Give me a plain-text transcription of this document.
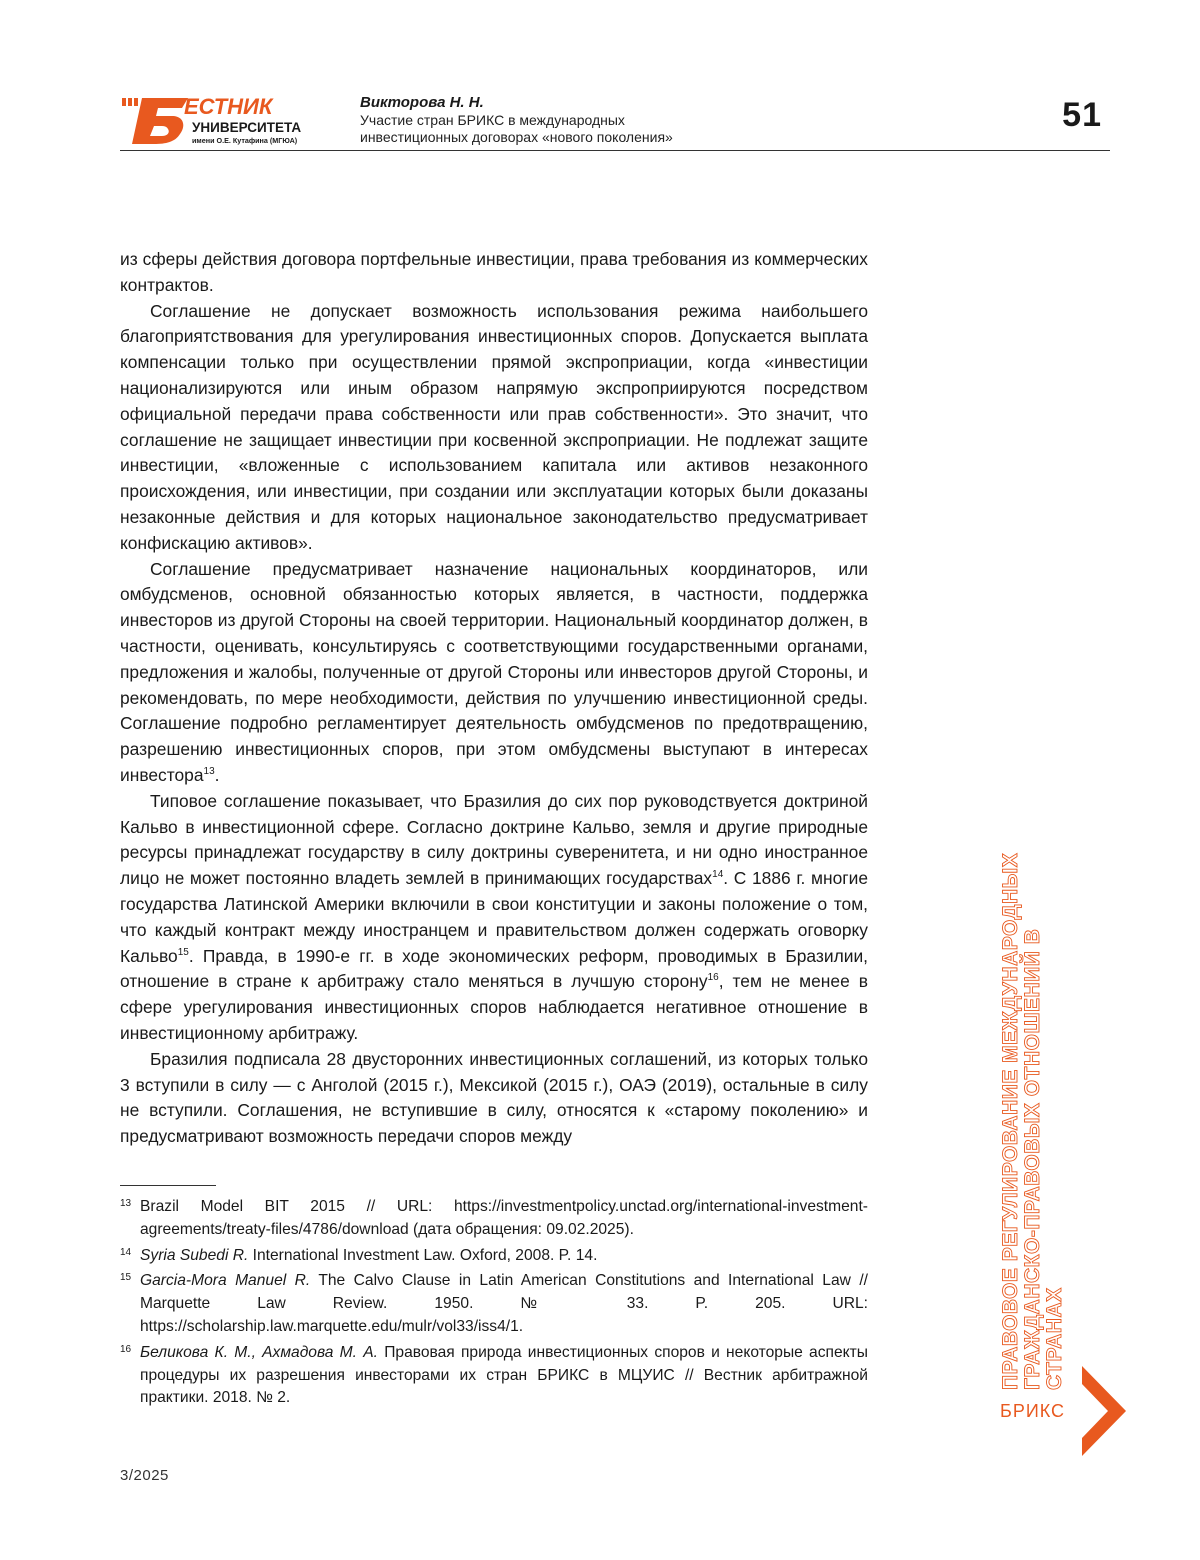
ЕСТНИК
УНИВЕРСИТЕТА
имени О.Е. Кутафина (МГЮА)
Викторова Н. Н.
Участие стран БРИКС в международных
инвестиционных договорах «нового поколения»
51

из сферы действия договора портфельные инвестиции, права требования из коммерческих контрактов.

Соглашение не допускает возможность использования режима наибольшего благоприятствования для урегулирования инвестиционных споров. Допускается выплата компенсации только при осуществлении прямой экспроприации, когда «инвестиции национализируются или иным образом напрямую экспроприируются посредством официальной передачи права собственности или прав собственности». Это значит, что соглашение не защищает инвестиции при косвенной экспроприации. Не подлежат защите инвестиции, «вложенные с использованием капитала или активов незаконного происхождения, или инвестиции, при создании или эксплуатации которых были доказаны незаконные действия и для которых национальное законодательство предусматривает конфискацию активов».

Соглашение предусматривает назначение национальных координаторов, или омбудсменов, основной обязанностью которых является, в частности, поддержка инвесторов из другой Стороны на своей территории. Национальный координатор должен, в частности, оценивать, консультируясь с соответствующими государственными органами, предложения и жалобы, полученные от другой Стороны или инвесторов другой Стороны, и рекомендовать, по мере необходимости, действия по улучшению инвестиционной среды. Соглашение подробно регламентирует деятельность омбудсменов по предотвращению, разрешению инвестиционных споров, при этом омбудсмены выступают в интересах инвестора13.

Типовое соглашение показывает, что Бразилия до сих пор руководствуется доктриной Кальво в инвестиционной сфере. Согласно доктрине Кальво, земля и другие природные ресурсы принадлежат государству в силу доктрины суверенитета, и ни одно иностранное лицо не может постоянно владеть землей в принимающих государствах14. С 1886 г. многие государства Латинской Америки включили в свои конституции и законы положение о том, что каждый контракт между иностранцем и правительством должен содержать оговорку Кальво15. Правда, в 1990-е гг. в ходе экономических реформ, проводимых в Бразилии, отношение в стране к арбитражу стало меняться в лучшую сторону16, тем не менее в сфере урегулирования инвестиционных споров наблюдается негативное отношение в инвестиционному арбитражу.

Бразилия подписала 28 двусторонних инвестиционных соглашений, из которых только 3 вступили в силу — с Анголой (2015 г.), Мексикой (2015 г.), ОАЭ (2019), остальные в силу не вступили. Соглашения, не вступившие в силу, относятся к «старому поколению» и предусматривают возможность передачи споров между

13 Brazil Model BIT 2015 // URL: https://investmentpolicy.unctad.org/international-investment-agreements/treaty-files/4786/download (дата обращения: 09.02.2025).
14 Syria Subedi R. International Investment Law. Oxford, 2008. P. 14.
15 Garcia-Mora Manuel R. The Calvo Clause in Latin American Constitutions and International Law // Marquette Law Review. 1950. № 33. P. 205. URL: https://scholarship.law.marquette.edu/mulr/vol33/iss4/1.
16 Беликова К. М., Ахмадова М. А. Правовая природа инвестиционных споров и некоторые аспекты процедуры их разрешения инвесторами их стран БРИКС в МЦУИС // Вестник арбитражной практики. 2018. № 2.
ПРАВОВОЕ РЕГУЛИРОВАНИЕ МЕЖДУНАРОДНЫХ ГРАЖДАНСКО-ПРАВОВЫХ ОТНОШЕНИЙ В СТРАНАХ
БРИКС
3/2025
